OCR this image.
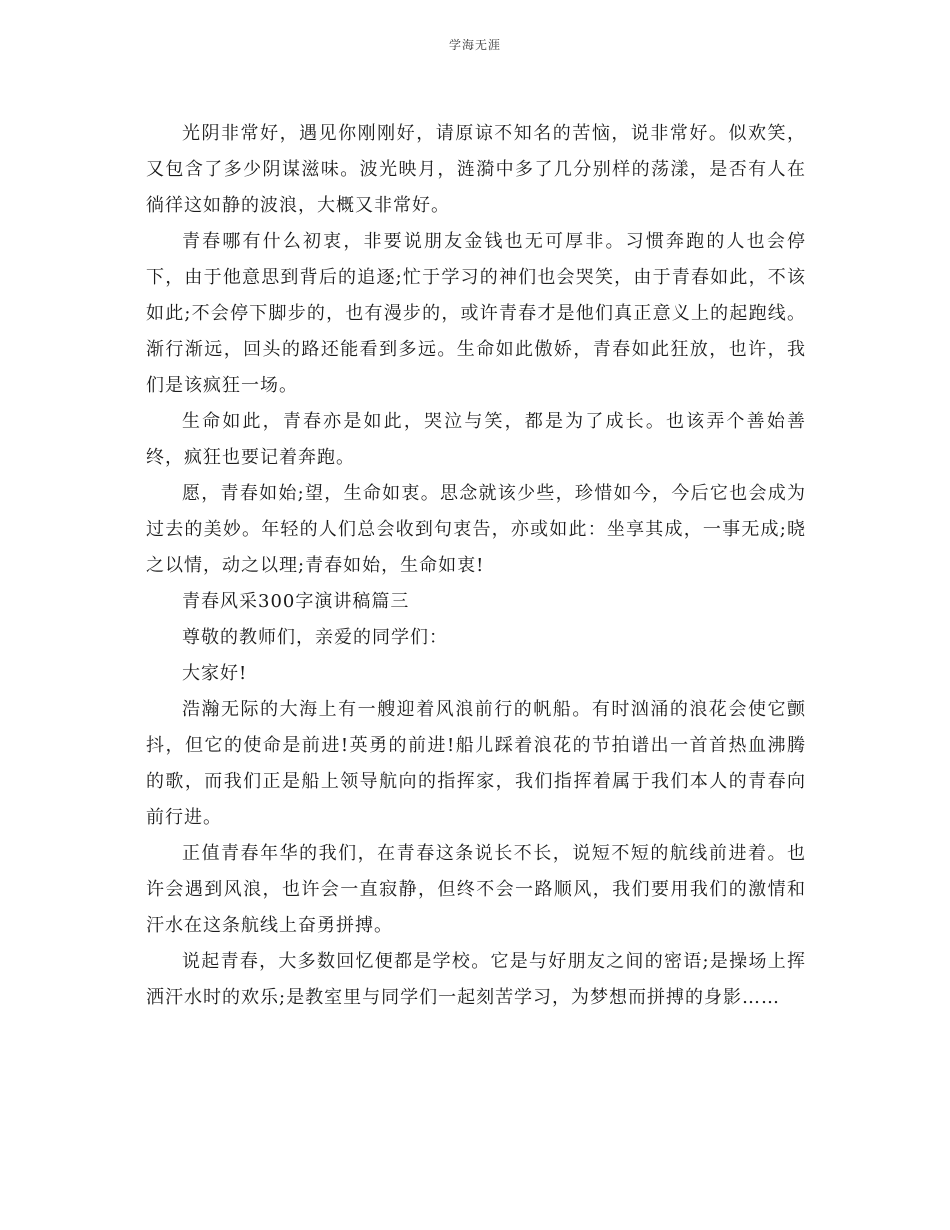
学海无涯

光阴非常好，遇见你刚刚好，请原谅不知名的苦恼，说非常好。似欢笑，又包含了多少阴谋滋味。波光映月，涟漪中多了几分别样的荡漾，是否有人在徜徉这如静的波浪，大概又非常好。

青春哪有什么初衷，非要说朋友金钱也无可厚非。习惯奔跑的人也会停下，由于他意思到背后的追逐;忙于学习的神们也会哭笑，由于青春如此，不该如此;不会停下脚步的，也有漫步的，或许青春才是他们真正意义上的起跑线。渐行渐远，回头的路还能看到多远。生命如此傲娇，青春如此狂放，也许，我们是该疯狂一场。

生命如此，青春亦是如此，哭泣与笑，都是为了成长。也该弄个善始善终，疯狂也要记着奔跑。

愿，青春如始;望，生命如衷。思念就该少些，珍惜如今，今后它也会成为过去的美妙。年轻的人们总会收到句衷告，亦或如此：坐享其成，一事无成;晓之以情，动之以理;青春如始，生命如衷!

青春风采300字演讲稿篇三

尊敬的教师们，亲爱的同学们：

大家好!

浩瀚无际的大海上有一艘迎着风浪前行的帆船。有时汹涌的浪花会使它颤抖，但它的使命是前进!英勇的前进!船儿踩着浪花的节拍谱出一首首热血沸腾的歌，而我们正是船上领导航向的指挥家，我们指挥着属于我们本人的青春向前行进。

正值青春年华的我们，在青春这条说长不长，说短不短的航线前进着。也许会遇到风浪，也许会一直寂静，但终不会一路顺风，我们要用我们的激情和汗水在这条航线上奋勇拼搏。

说起青春，大多数回忆便都是学校。它是与好朋友之间的密语;是操场上挥洒汗水时的欢乐;是教室里与同学们一起刻苦学习，为梦想而拼搏的身影……
